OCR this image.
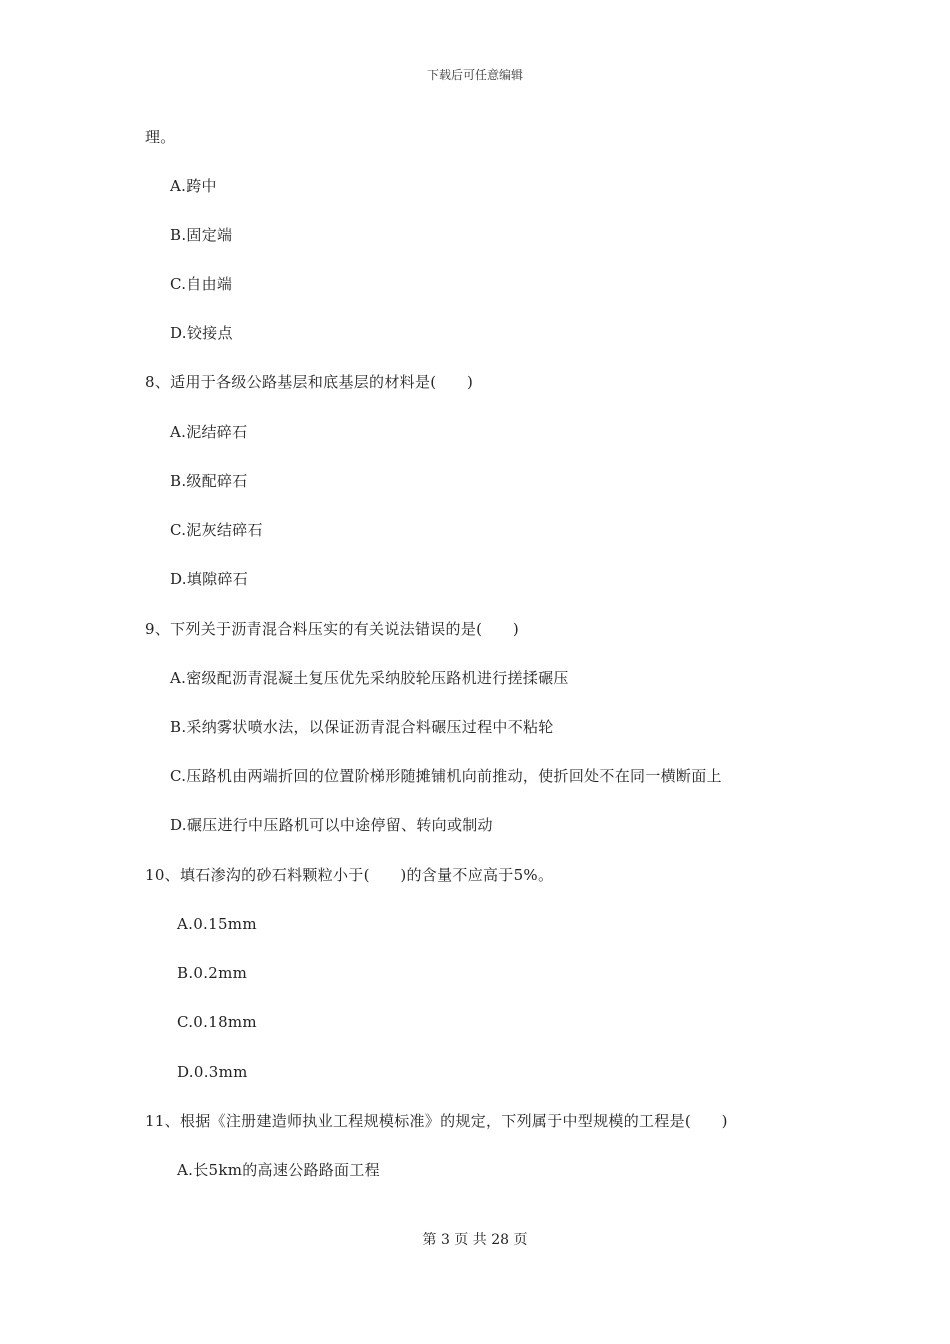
下载后可任意编辑
理。
A.跨中
B.固定端
C.自由端
D.铰接点
8、适用于各级公路基层和底基层的材料是(　　)
A.泥结碎石
B.级配碎石
C.泥灰结碎石
D.填隙碎石
9、下列关于沥青混合料压实的有关说法错误的是(　　)
A.密级配沥青混凝土复压优先采纳胶轮压路机进行搓揉碾压
B.采纳雾状喷水法，以保证沥青混合料碾压过程中不粘轮
C.压路机由两端折回的位置阶梯形随摊铺机向前推动，使折回处不在同一横断面上
D.碾压进行中压路机可以中途停留、转向或制动
10、填石渗沟的砂石料颗粒小于(　　)的含量不应高于5%。
A.0.15mm
B.0.2mm
C.0.18mm
D.0.3mm
11、根据《注册建造师执业工程规模标准》的规定，下列属于中型规模的工程是(　　)
A.长5km的高速公路路面工程
第 3 页 共 28 页
